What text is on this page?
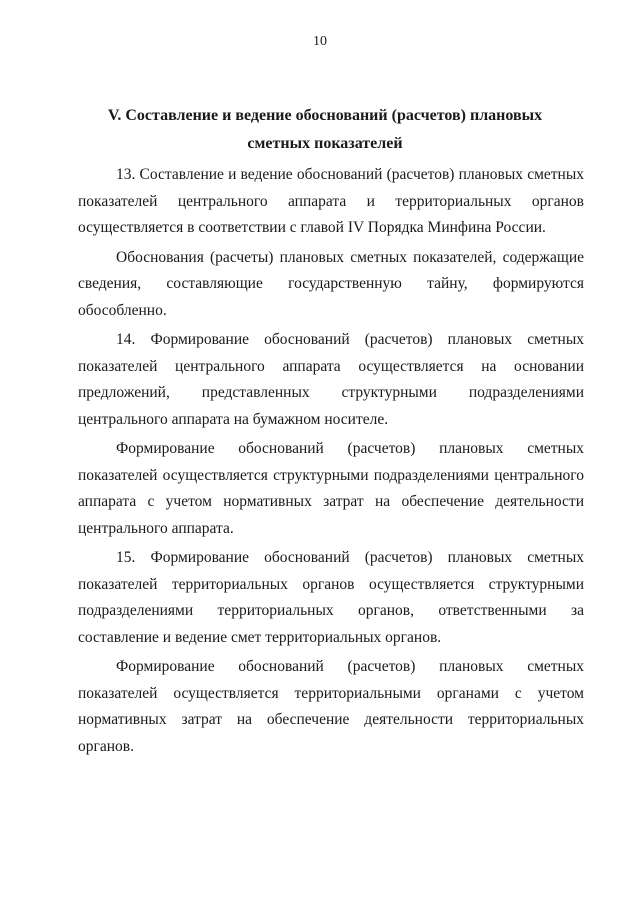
10
V. Составление и ведение обоснований (расчетов) плановых сметных показателей

13. Составление и ведение обоснований (расчетов) плановых сметных показателей центрального аппарата и территориальных органов осуществляется в соответствии с главой IV Порядка Минфина России.

Обоснования (расчеты) плановых сметных показателей, содержащие сведения, составляющие государственную тайну, формируются обособленно.

14. Формирование обоснований (расчетов) плановых сметных показателей центрального аппарата осуществляется на основании предложений, представленных структурными подразделениями центрального аппарата на бумажном носителе.

Формирование обоснований (расчетов) плановых сметных показателей осуществляется структурными подразделениями центрального аппарата с учетом нормативных затрат на обеспечение деятельности центрального аппарата.

15. Формирование обоснований (расчетов) плановых сметных показателей территориальных органов осуществляется структурными подразделениями территориальных органов, ответственными за составление и ведение смет территориальных органов.

Формирование обоснований (расчетов) плановых сметных показателей осуществляется территориальными органами с учетом нормативных затрат на обеспечение деятельности территориальных органов.
